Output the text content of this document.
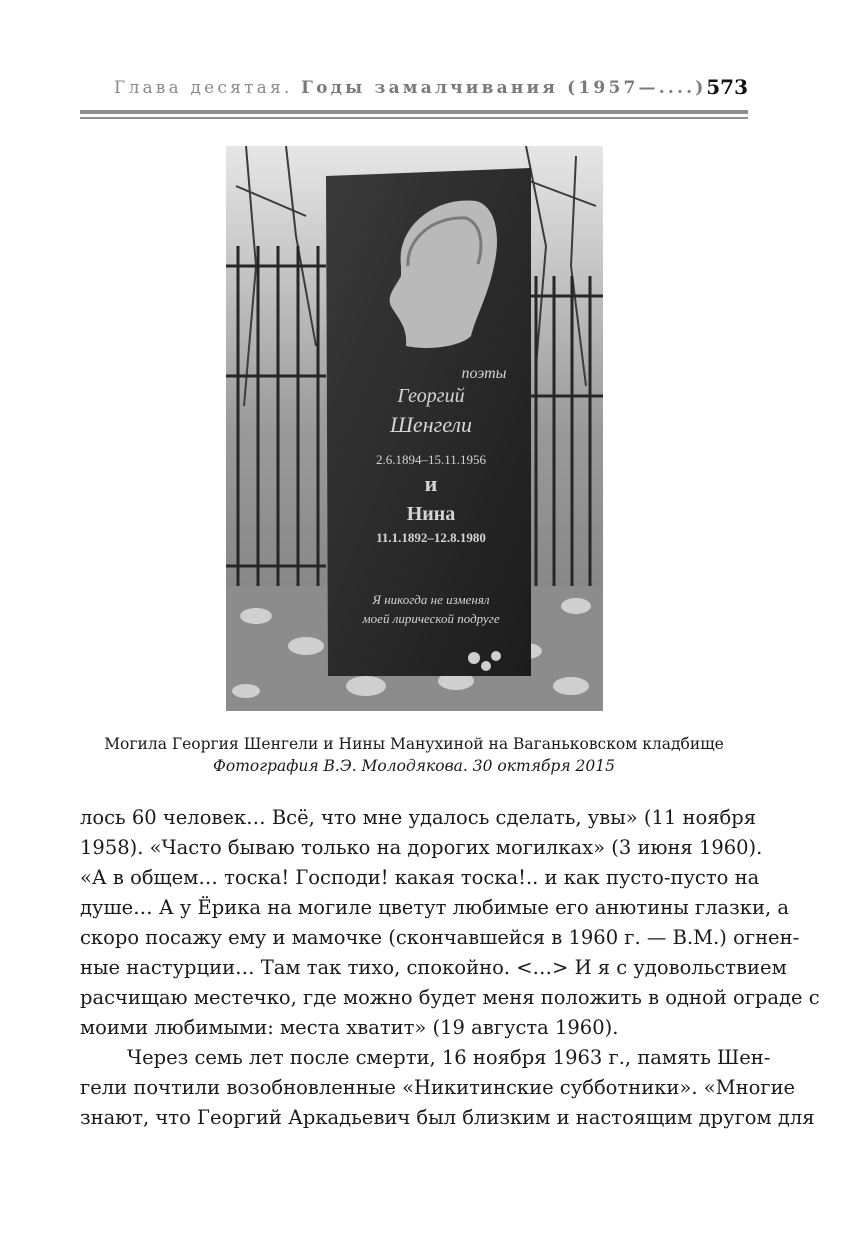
Глава десятая. Годы замалчивания (1957—....) 573
поэты
Георгий
Шенгели
2.6.1894–15.11.1956
и
Нина
11.1.1892–12.8.1980
Я никогда не изменял
моей лирической подруге
Могила Георгия Шенгели и Нины Манухиной на Ваганьковском кладбище
Фотография В.Э. Молодякова. 30 октября 2015
лось 60 человек… Всё, что мне удалось сделать, увы» (11 ноября
1958). «Часто бываю только на дорогих могилках» (3 июня 1960).
«А в общем… тоска! Господи! какая тоска!.. и как пусто-пусто на
душе… А у Ёрика на могиле цветут любимые его анютины глазки, а
скоро посажу ему и мамочке (скончавшейся в 1960 г. — В.М.) огнен-
ные настурции… Там так тихо, спокойно. <…> И я с удовольствием
расчищаю местечко, где можно будет меня положить в одной ограде с
моими любимыми: места хватит» (19 августа 1960).
Через семь лет после смерти, 16 ноября 1963 г., память Шен-
гели почтили возобновленные «Никитинские субботники». «Многие
знают, что Георгий Аркадьевич был близким и настоящим другом для
